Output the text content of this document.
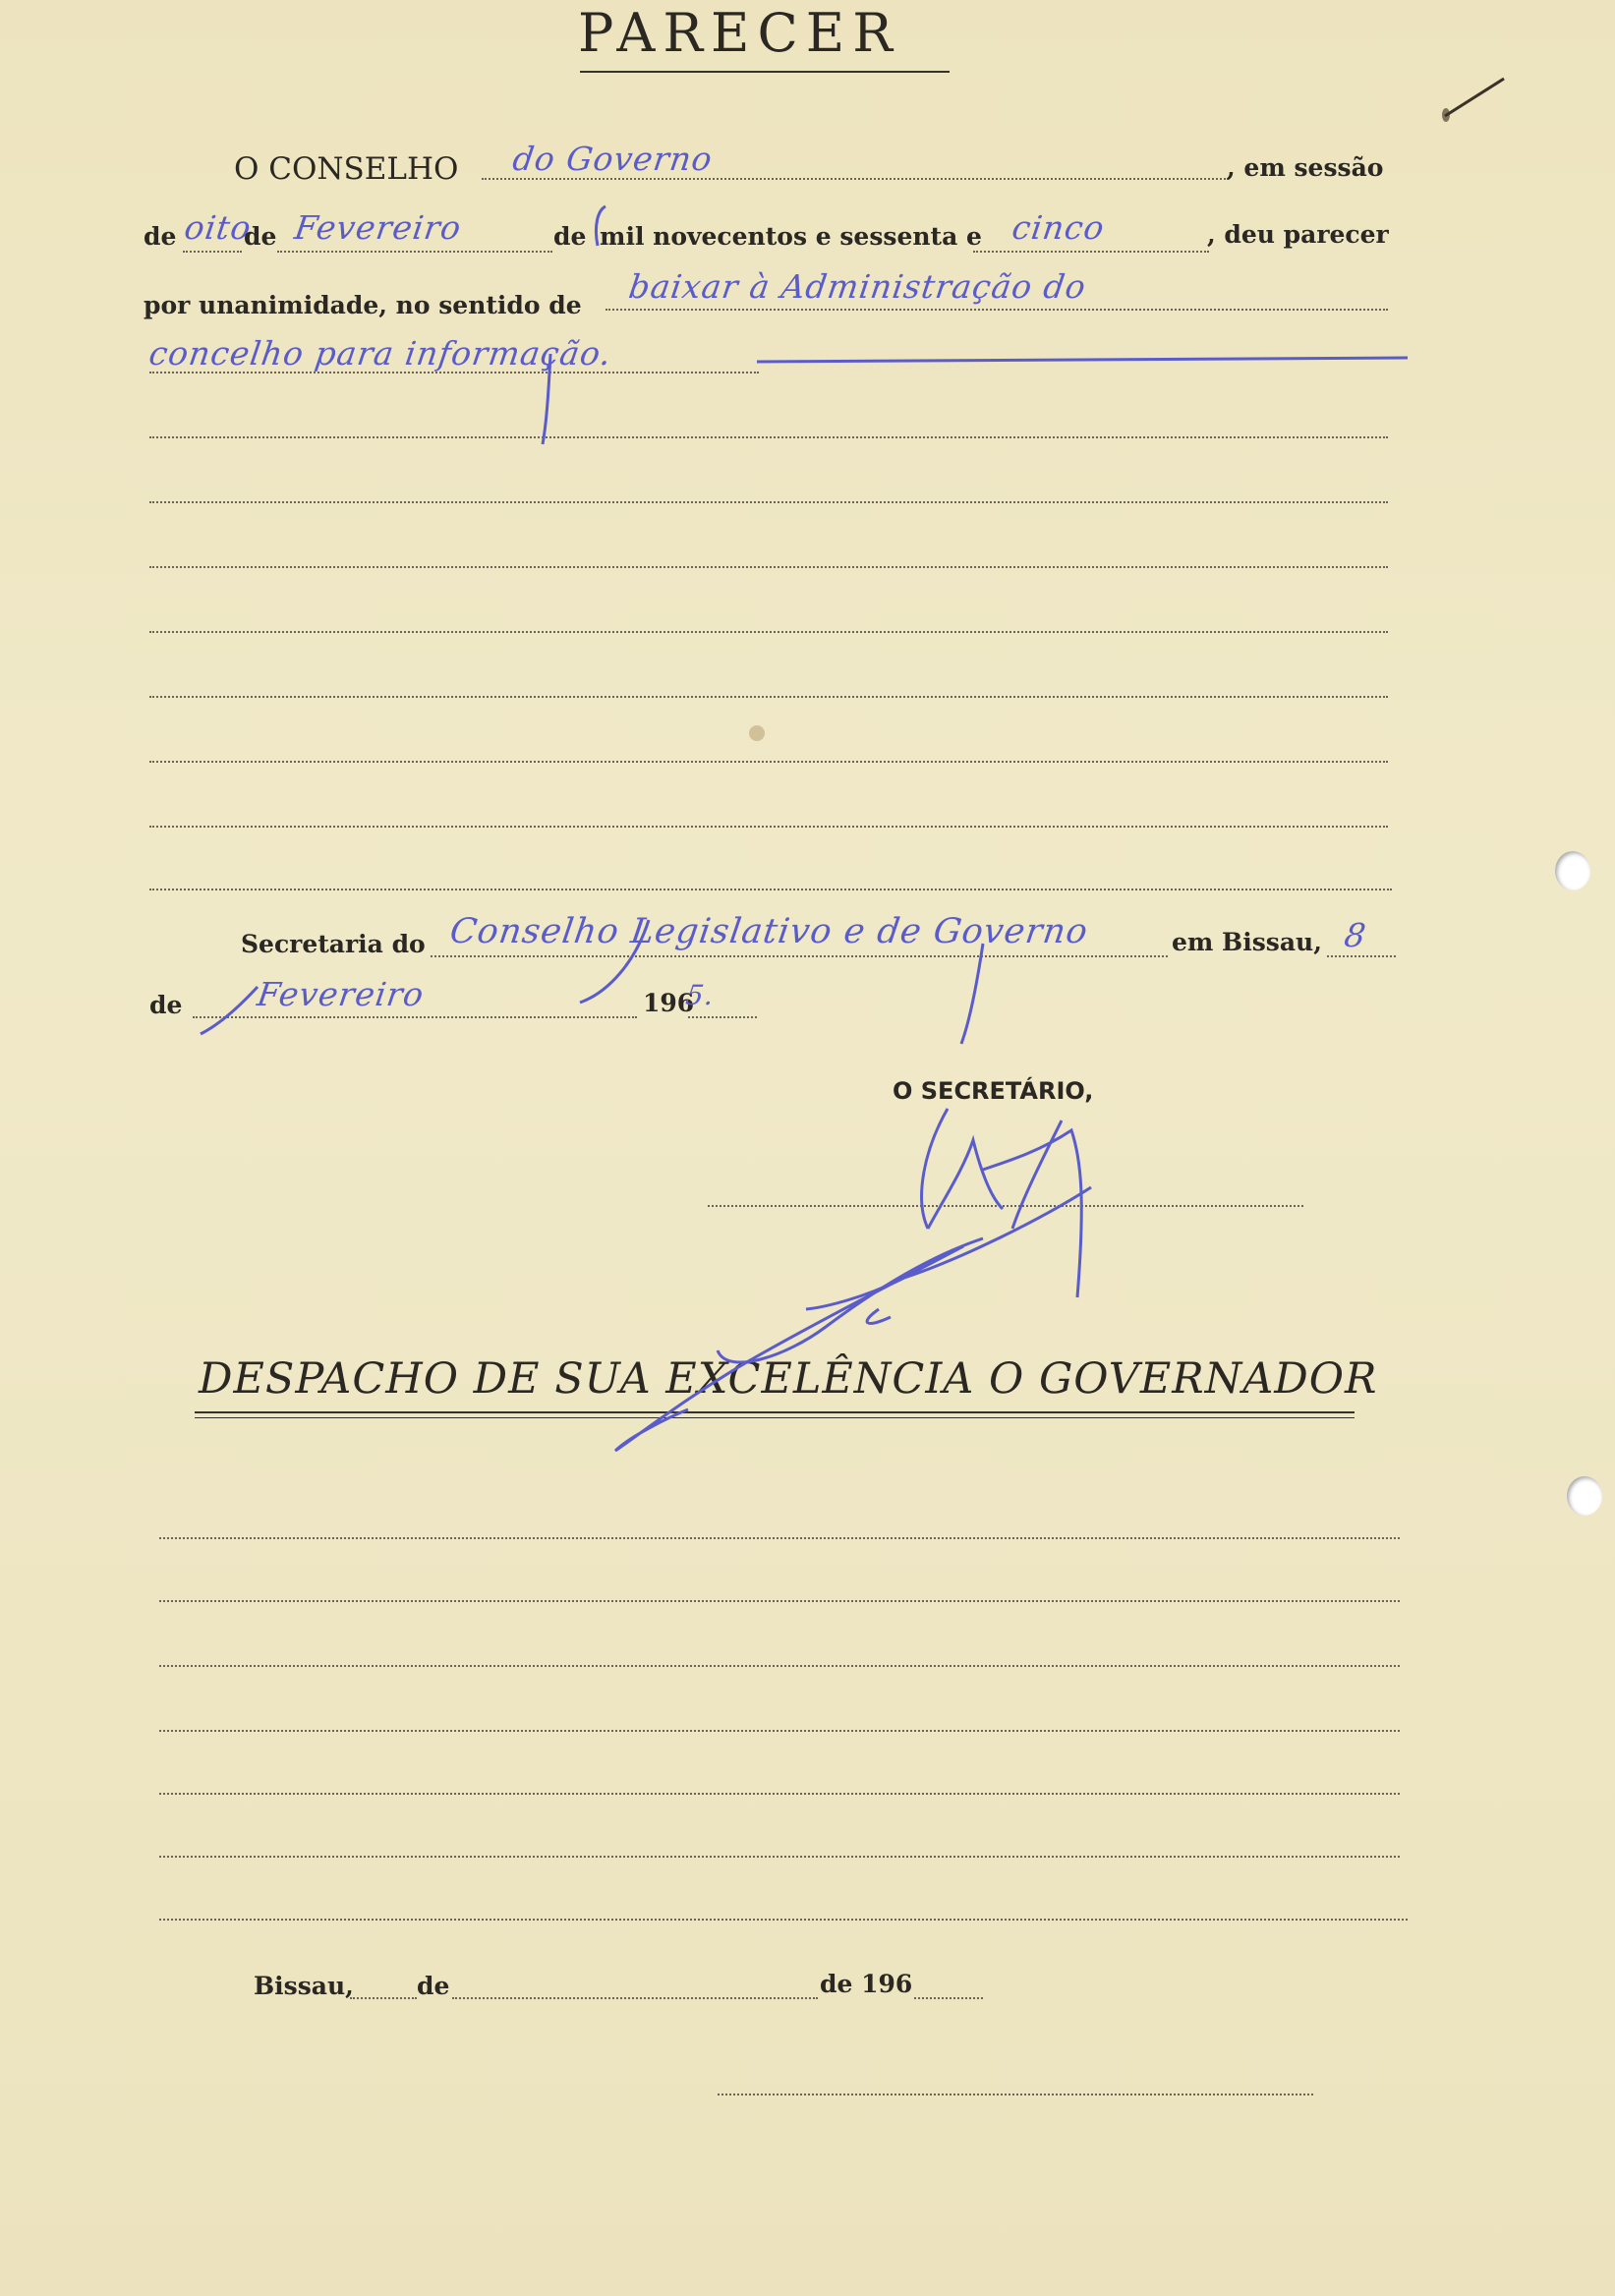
PARECER
O CONSELHO do Governo	, em sessão
de oito
de Fevereiro	de mil novecentos e sessenta e cinco	, deu parecer
por unanimidade, no sentido de baixar à Administração do
concelho para informação.
Secretaria do Conselho Legislativo e de Governo	em Bissau, 8
de Fevereiro	196
5.
O SECRETÁRIO,
DESPACHO DE SUA EXCELÊNCIA O GOVERNADOR
Bissau,	de	de 196
